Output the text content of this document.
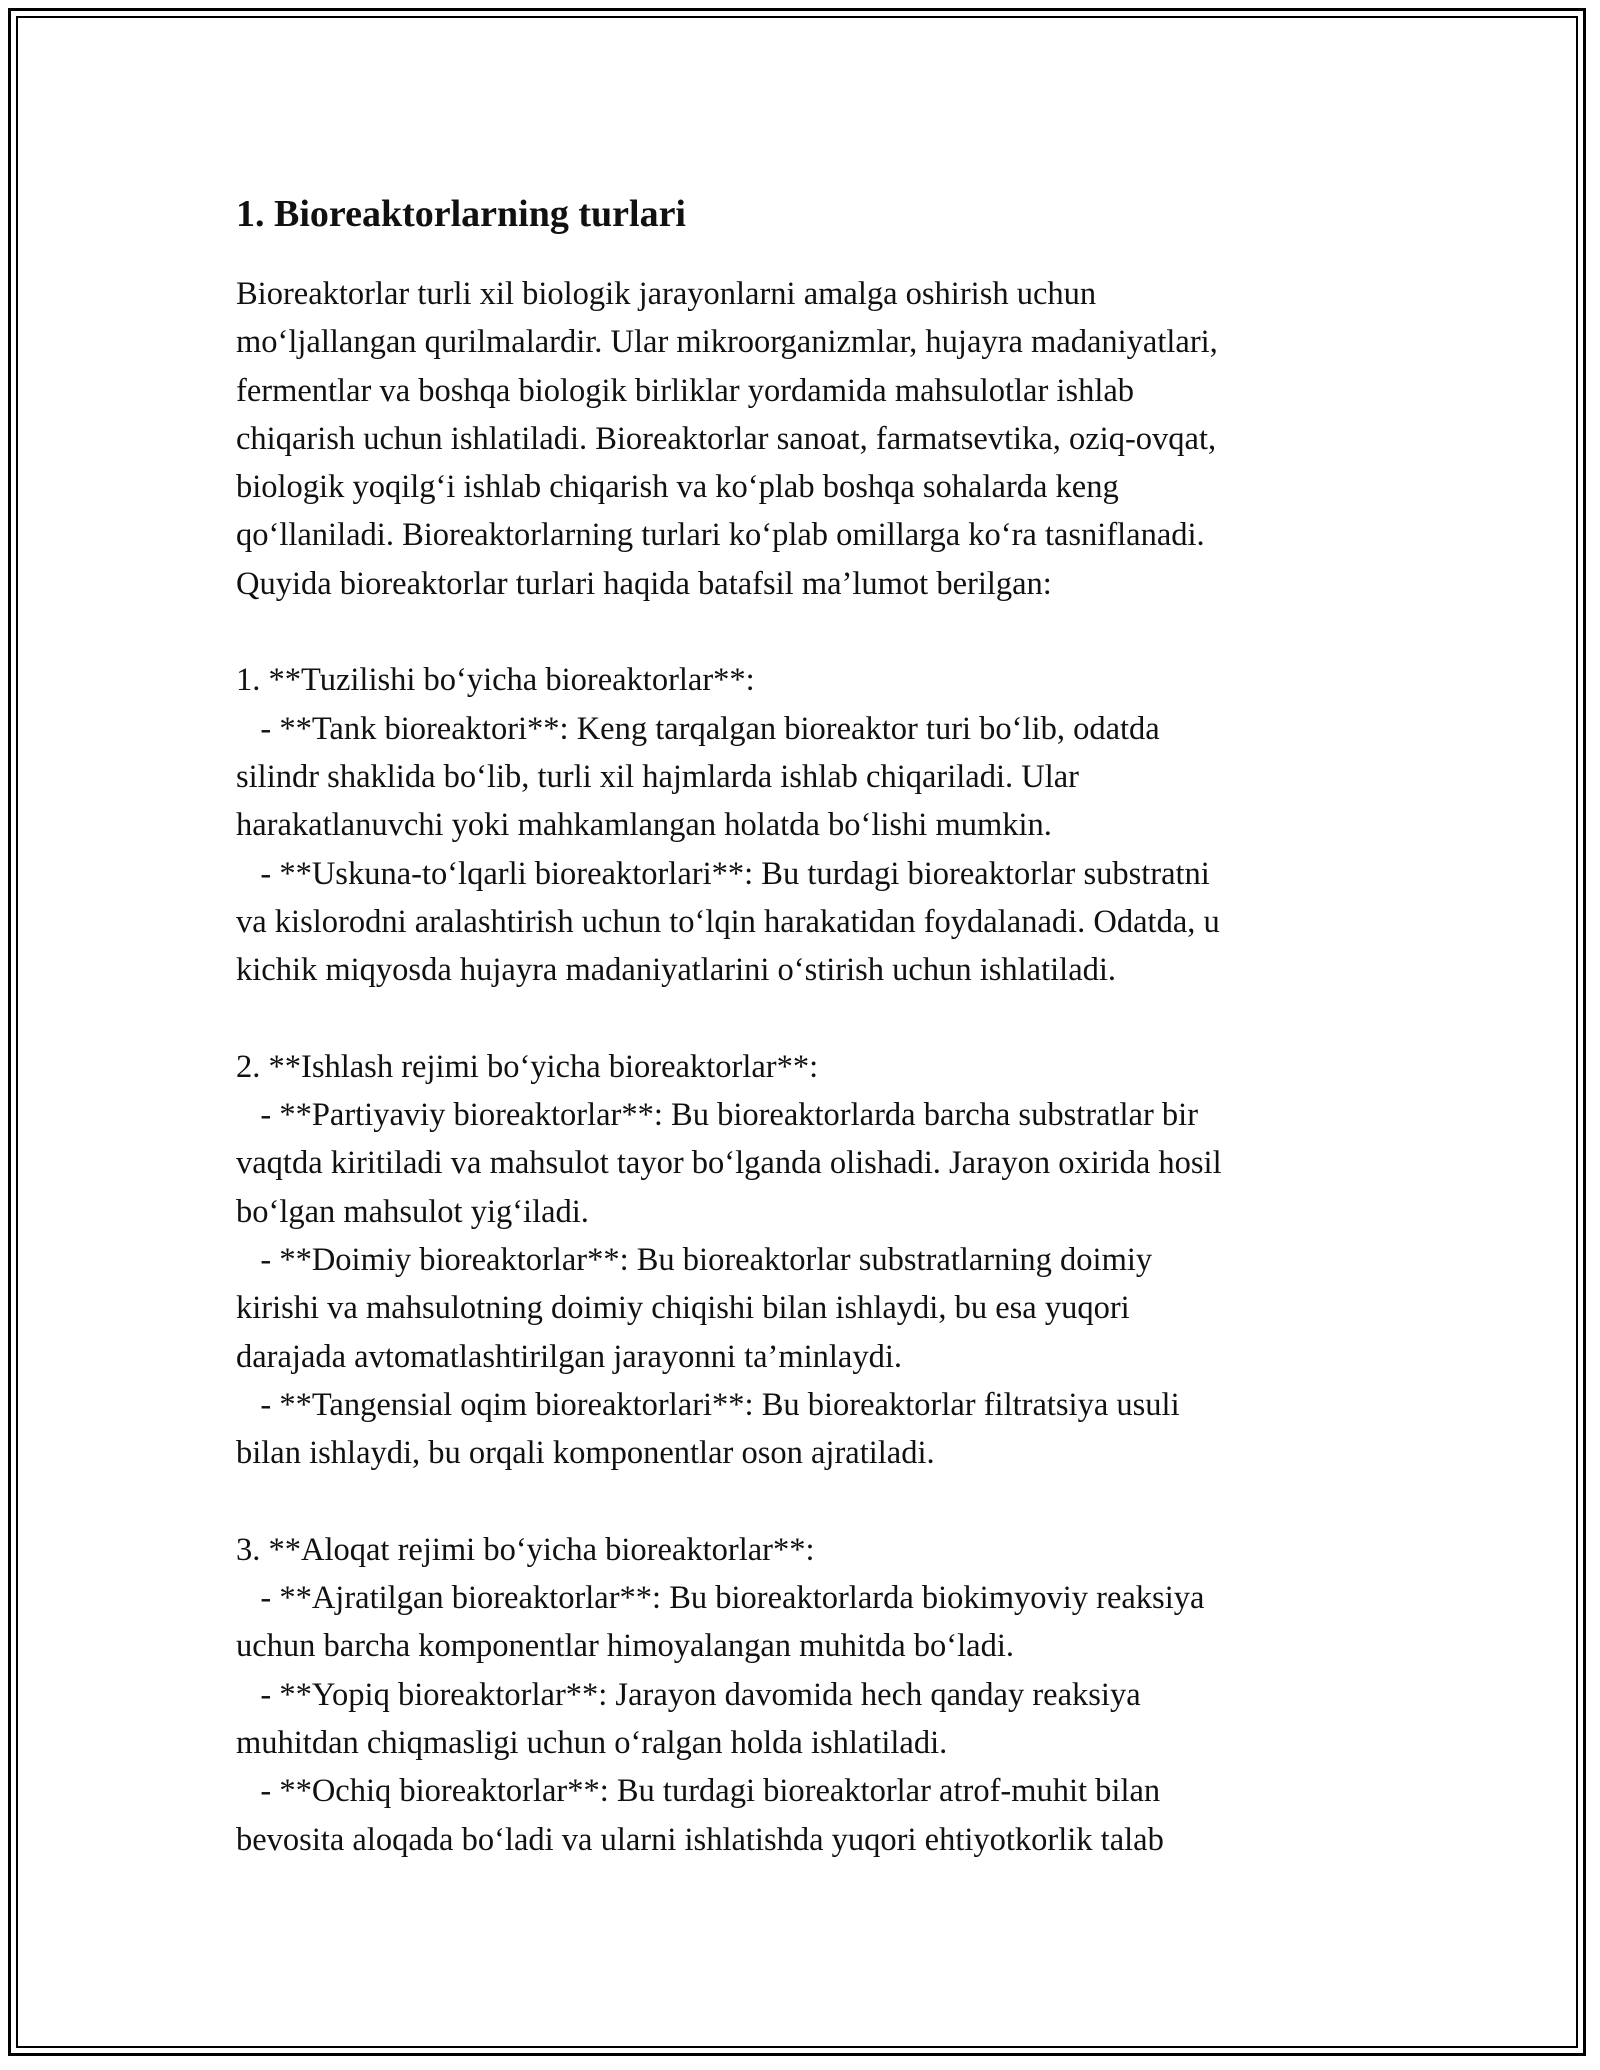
1. Bioreaktorlarning turlari

Bioreaktorlar turli xil biologik jarayonlarni amalga oshirish uchun
mo‘ljallangan qurilmalardir. Ular mikroorganizmlar, hujayra madaniyatlari,
fermentlar va boshqa biologik birliklar yordamida mahsulotlar ishlab
chiqarish uchun ishlatiladi. Bioreaktorlar sanoat, farmatsevtika, oziq-ovqat,
biologik yoqilg‘i ishlab chiqarish va ko‘plab boshqa sohalarda keng
qo‘llaniladi. Bioreaktorlarning turlari ko‘plab omillarga ko‘ra tasniflanadi.
Quyida bioreaktorlar turlari haqida batafsil ma’lumot berilgan:

1. **Tuzilishi bo‘yicha bioreaktorlar**:
- **Tank bioreaktori**: Keng tarqalgan bioreaktor turi bo‘lib, odatda
silindr shaklida bo‘lib, turli xil hajmlarda ishlab chiqariladi. Ular
harakatlanuvchi yoki mahkamlangan holatda bo‘lishi mumkin.
- **Uskuna-to‘lqarli bioreaktorlari**: Bu turdagi bioreaktorlar substratni
va kislorodni aralashtirish uchun to‘lqin harakatidan foydalanadi. Odatda, u
kichik miqyosda hujayra madaniyatlarini o‘stirish uchun ishlatiladi.

2. **Ishlash rejimi bo‘yicha bioreaktorlar**:
- **Partiyaviy bioreaktorlar**: Bu bioreaktorlarda barcha substratlar bir
vaqtda kiritiladi va mahsulot tayor bo‘lganda olishadi. Jarayon oxirida hosil
bo‘lgan mahsulot yig‘iladi.
- **Doimiy bioreaktorlar**: Bu bioreaktorlar substratlarning doimiy
kirishi va mahsulotning doimiy chiqishi bilan ishlaydi, bu esa yuqori
darajada avtomatlashtirilgan jarayonni ta’minlaydi.
- **Tangensial oqim bioreaktorlari**: Bu bioreaktorlar filtratsiya usuli
bilan ishlaydi, bu orqali komponentlar oson ajratiladi.

3. **Aloqat rejimi bo‘yicha bioreaktorlar**:
- **Ajratilgan bioreaktorlar**: Bu bioreaktorlarda biokimyoviy reaksiya
uchun barcha komponentlar himoyalangan muhitda bo‘ladi.
- **Yopiq bioreaktorlar**: Jarayon davomida hech qanday reaksiya
muhitdan chiqmasligi uchun o‘ralgan holda ishlatiladi.
- **Ochiq bioreaktorlar**: Bu turdagi bioreaktorlar atrof-muhit bilan
bevosita aloqada bo‘ladi va ularni ishlatishda yuqori ehtiyotkorlik talab
